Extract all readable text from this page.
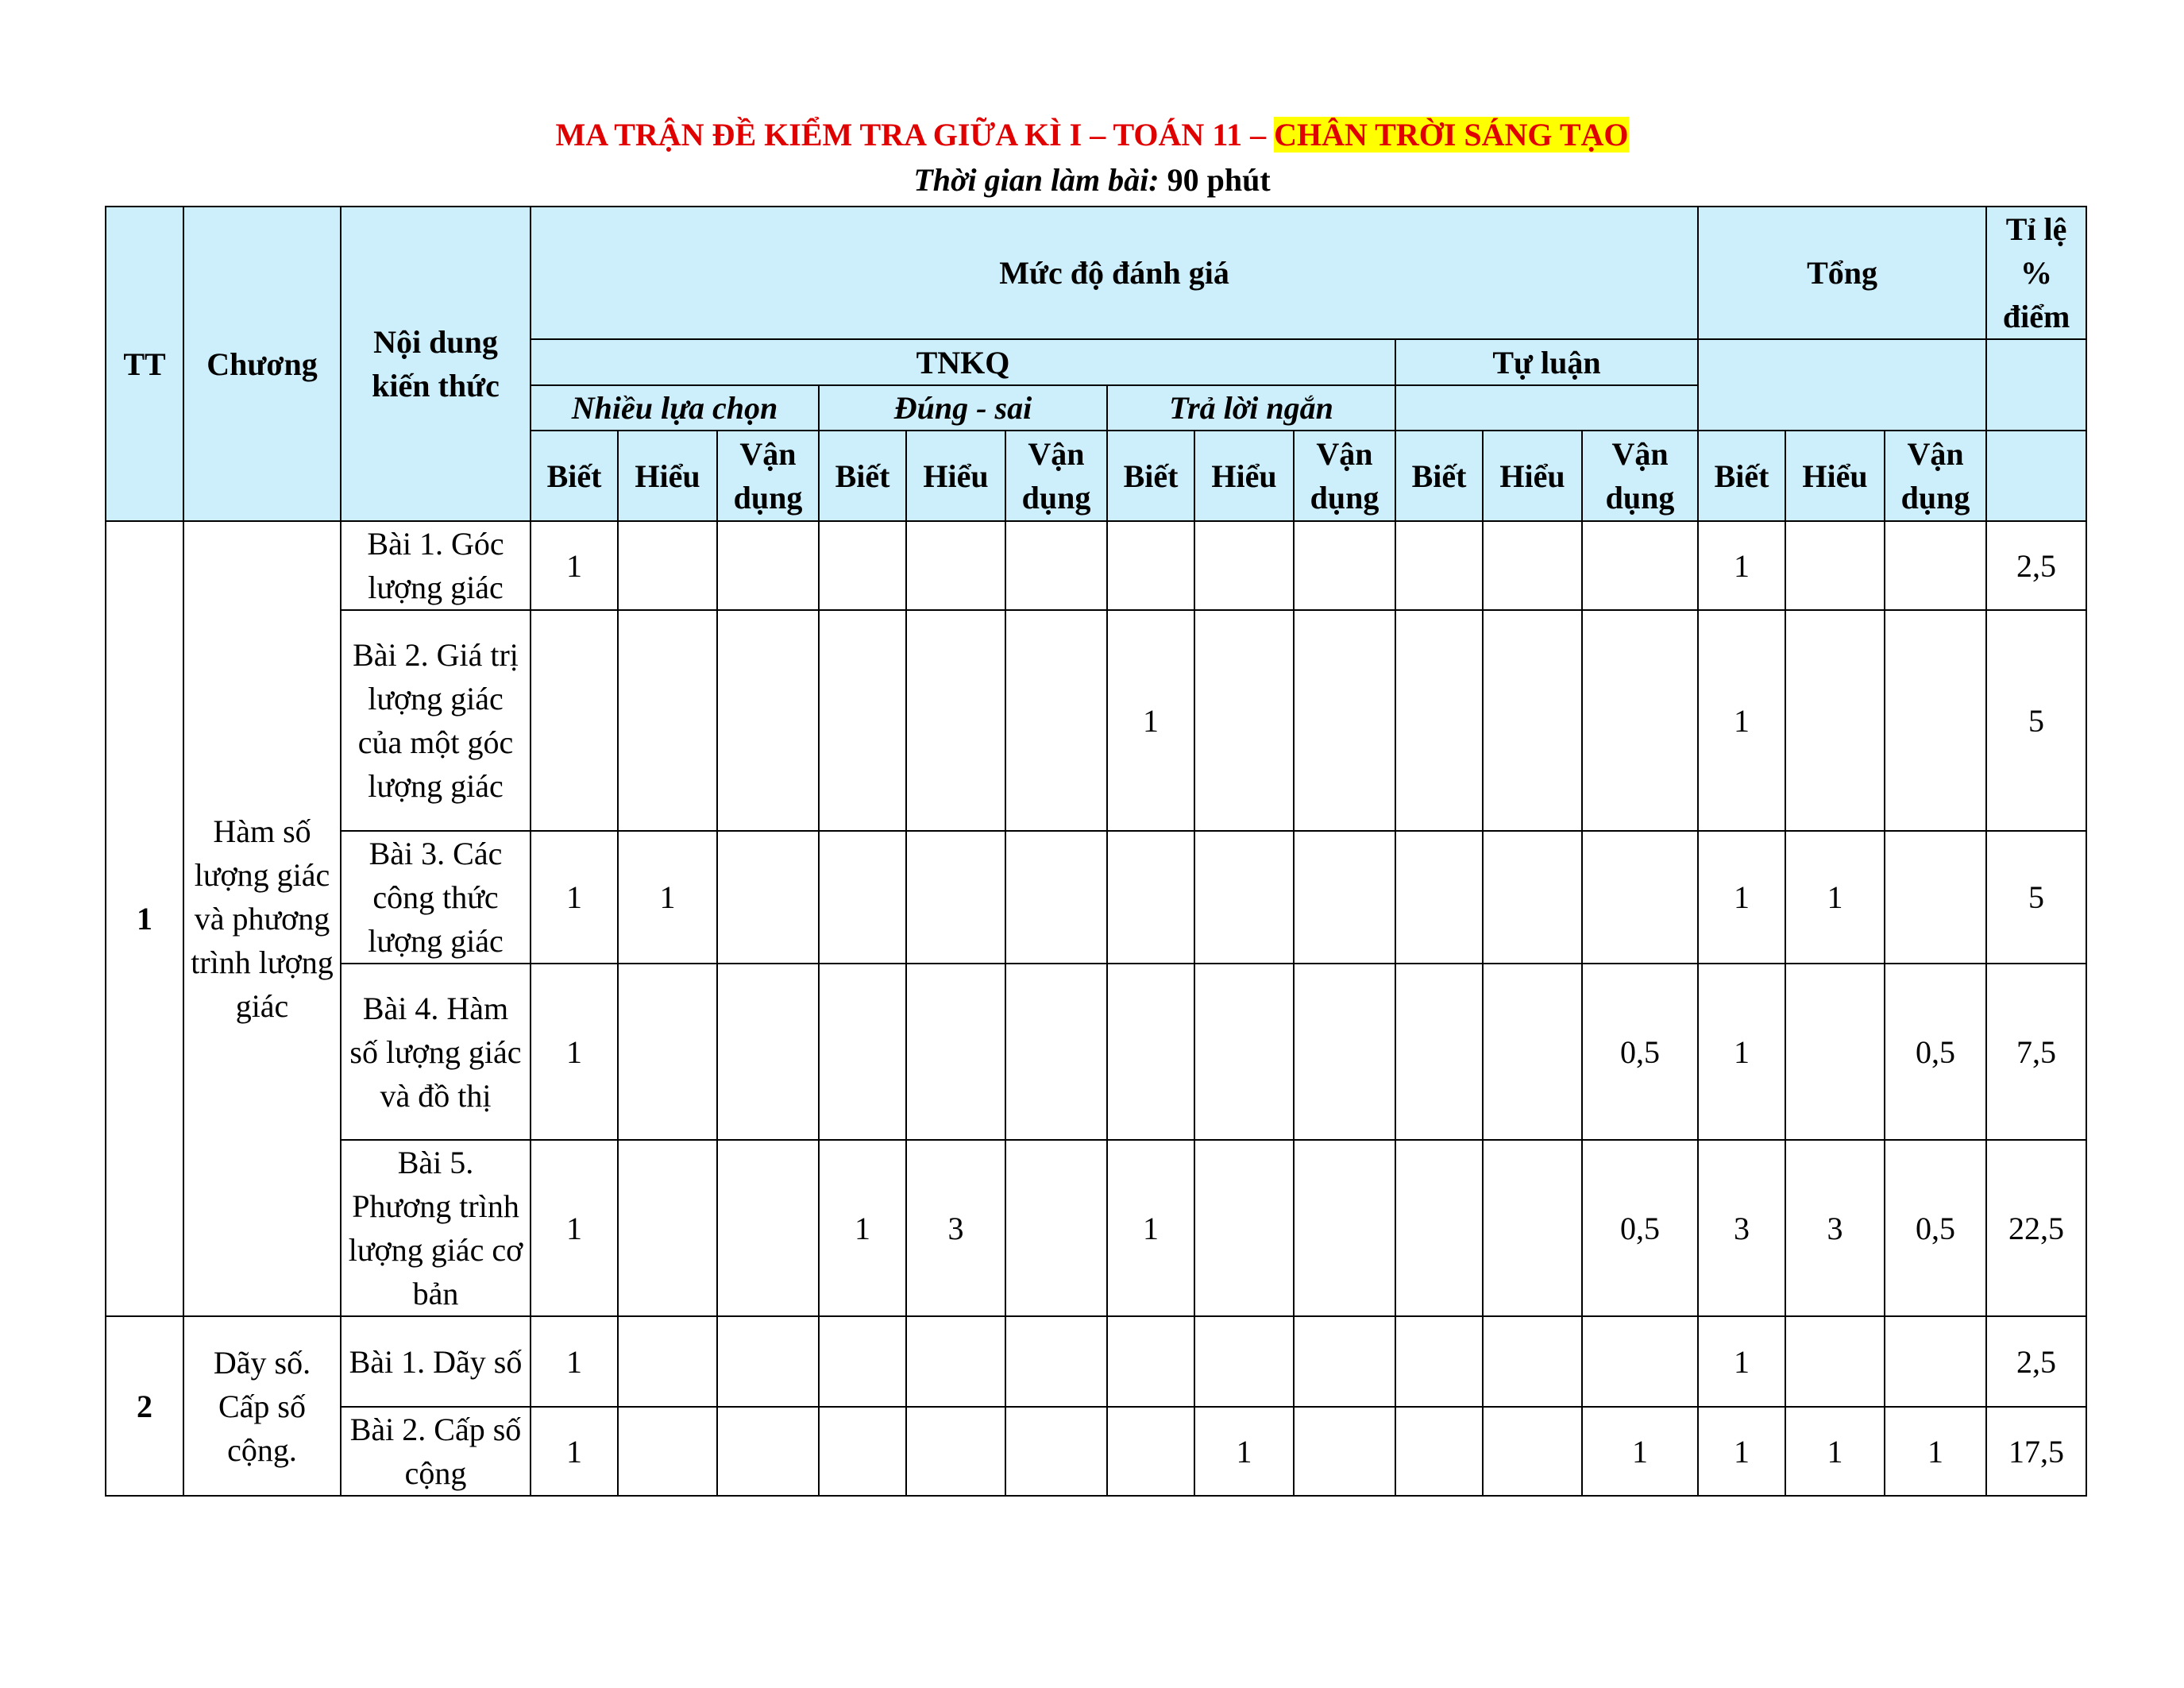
MA TRẬN ĐỀ KIỂM TRA GIỮA KÌ I – TOÁN 11 – CHÂN TRỜI SÁNG TẠO
Thời gian làm bài: 90 phút
TT	Chương	Nội dung kiến thức	Mức độ đánh giá												Tổng			Tỉ lệ % điểm
			TNKQ									Tự luận						
			Nhiều lựa chọn			Đúng - sai			Trả lời ngắn									
			Biết	Hiểu	Vận dụng	Biết	Hiểu	Vận dụng	Biết	Hiểu	Vận dụng	Biết	Hiểu	Vận dụng	Biết	Hiểu	Vận dụng	
1	Hàm số lượng giác và phương trình lượng giác	Bài 1. Góc lượng giác	1												1			2,5
		Bài 2. Giá trị lượng giác của một góc lượng giác							1						1			5
		Bài 3. Các công thức lượng giác	1	1											1	1		5
		Bài 4. Hàm số lượng giác và đồ thị	1											0,5	1		0,5	7,5
		Bài 5. Phương trình lượng giác cơ bản	1			1	3		1					0,5	3	3	0,5	22,5
2	Dãy số. Cấp số cộng.	Bài 1. Dãy số	1												1			2,5
		Bài 2. Cấp số cộng	1							1				1	1	1	1	17,5
